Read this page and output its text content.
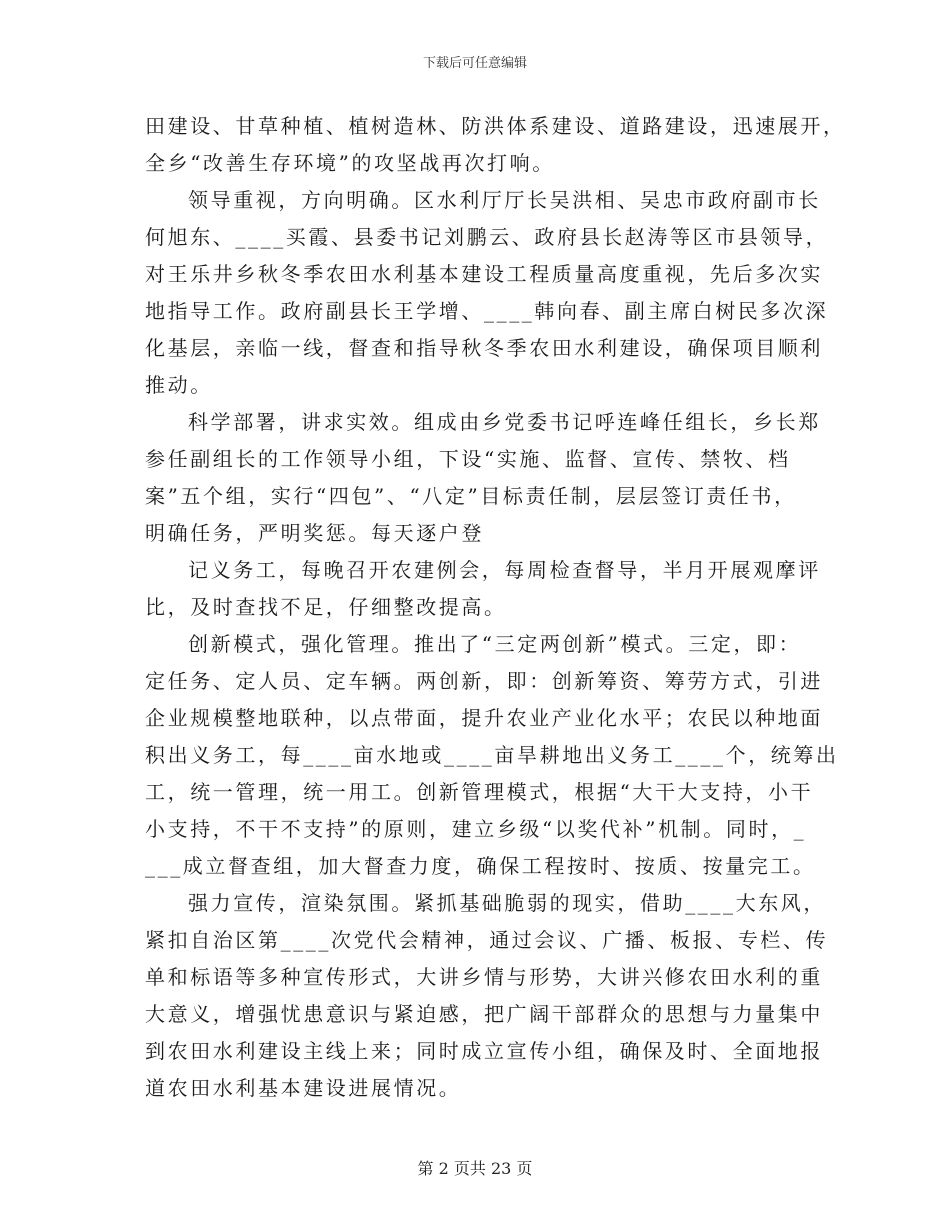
下载后可任意编辑
田建设、甘草种植、植树造林、防洪体系建设、道路建设，迅速展开，
全乡“改善生存环境”的攻坚战再次打响。
领导重视，方向明确。区水利厅厅长吴洪相、吴忠市政府副市长
何旭东、____买霞、县委书记刘鹏云、政府县长赵涛等区市县领导，
对王乐井乡秋冬季农田水利基本建设工程质量高度重视，先后多次实
地指导工作。政府副县长王学增、____韩向春、副主席白树民多次深
化基层，亲临一线，督查和指导秋冬季农田水利建设，确保项目顺利
推动。
科学部署，讲求实效。组成由乡党委书记呼连峰任组长，乡长郑
参任副组长的工作领导小组，下设“实施、监督、宣传、禁牧、档
案”五个组，实行“四包”、“八定”目标责任制，层层签订责任书，
明确任务，严明奖惩。每天逐户登
记义务工，每晚召开农建例会，每周检查督导，半月开展观摩评
比，及时查找不足，仔细整改提高。
创新模式，强化管理。推出了“三定两创新”模式。三定，即：
定任务、定人员、定车辆。两创新，即：创新筹资、筹劳方式，引进
企业规模整地联种，以点带面，提升农业产业化水平；农民以种地面
积出义务工，每____亩水地或____亩旱耕地出义务工____个，统筹出
工，统一管理，统一用工。创新管理模式，根据“大干大支持，小干
小支持，不干不支持”的原则，建立乡级“以奖代补”机制。同时，_
___成立督查组，加大督查力度，确保工程按时、按质、按量完工。
强力宣传，渲染氛围。紧抓基础脆弱的现实，借助____大东风，
紧扣自治区第____次党代会精神，通过会议、广播、板报、专栏、传
单和标语等多种宣传形式，大讲乡情与形势，大讲兴修农田水利的重
大意义，增强忧患意识与紧迫感，把广阔干部群众的思想与力量集中
到农田水利建设主线上来；同时成立宣传小组，确保及时、全面地报
道农田水利基本建设进展情况。
第 2 页共 23 页
